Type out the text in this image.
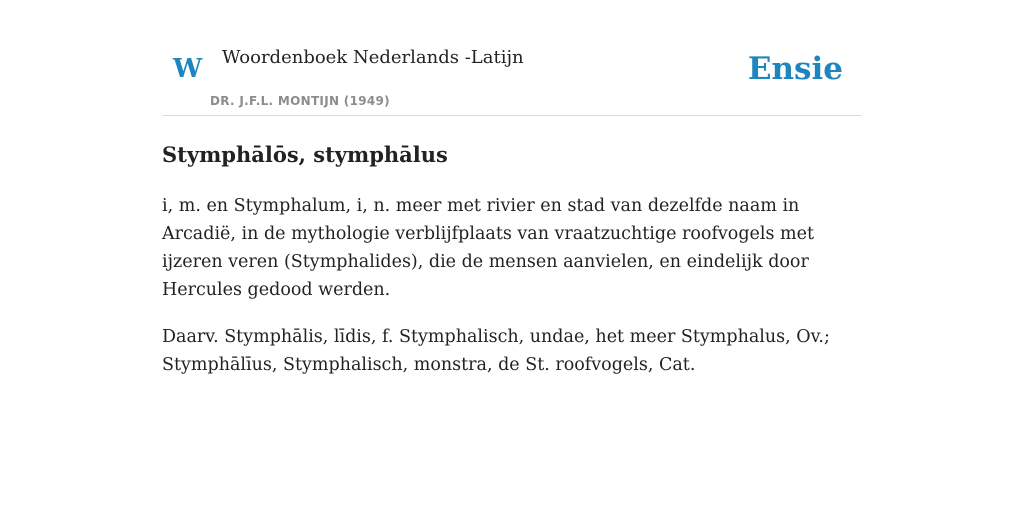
W Woordenboek Nederlands -Latijn
DR. J.F.L. MONTIJN (1949)
Ensie
Stymphālōs, stymphālus

i, m. en Stymphalum, i, n. meer met rivier en stad van dezelfde naam in Arcadië, in de mythologie verblijfplaats van vraatzuchtige roofvogels met ijzeren veren (Stymphalides), die de mensen aanvielen, en eindelijk door Hercules gedood werden.

Daarv. Stymphālis, līdis, f. Stymphalisch, undae, het meer Stymphalus, Ov.; Stymphālīus, Stymphalisch, monstra, de St. roofvogels, Cat.
